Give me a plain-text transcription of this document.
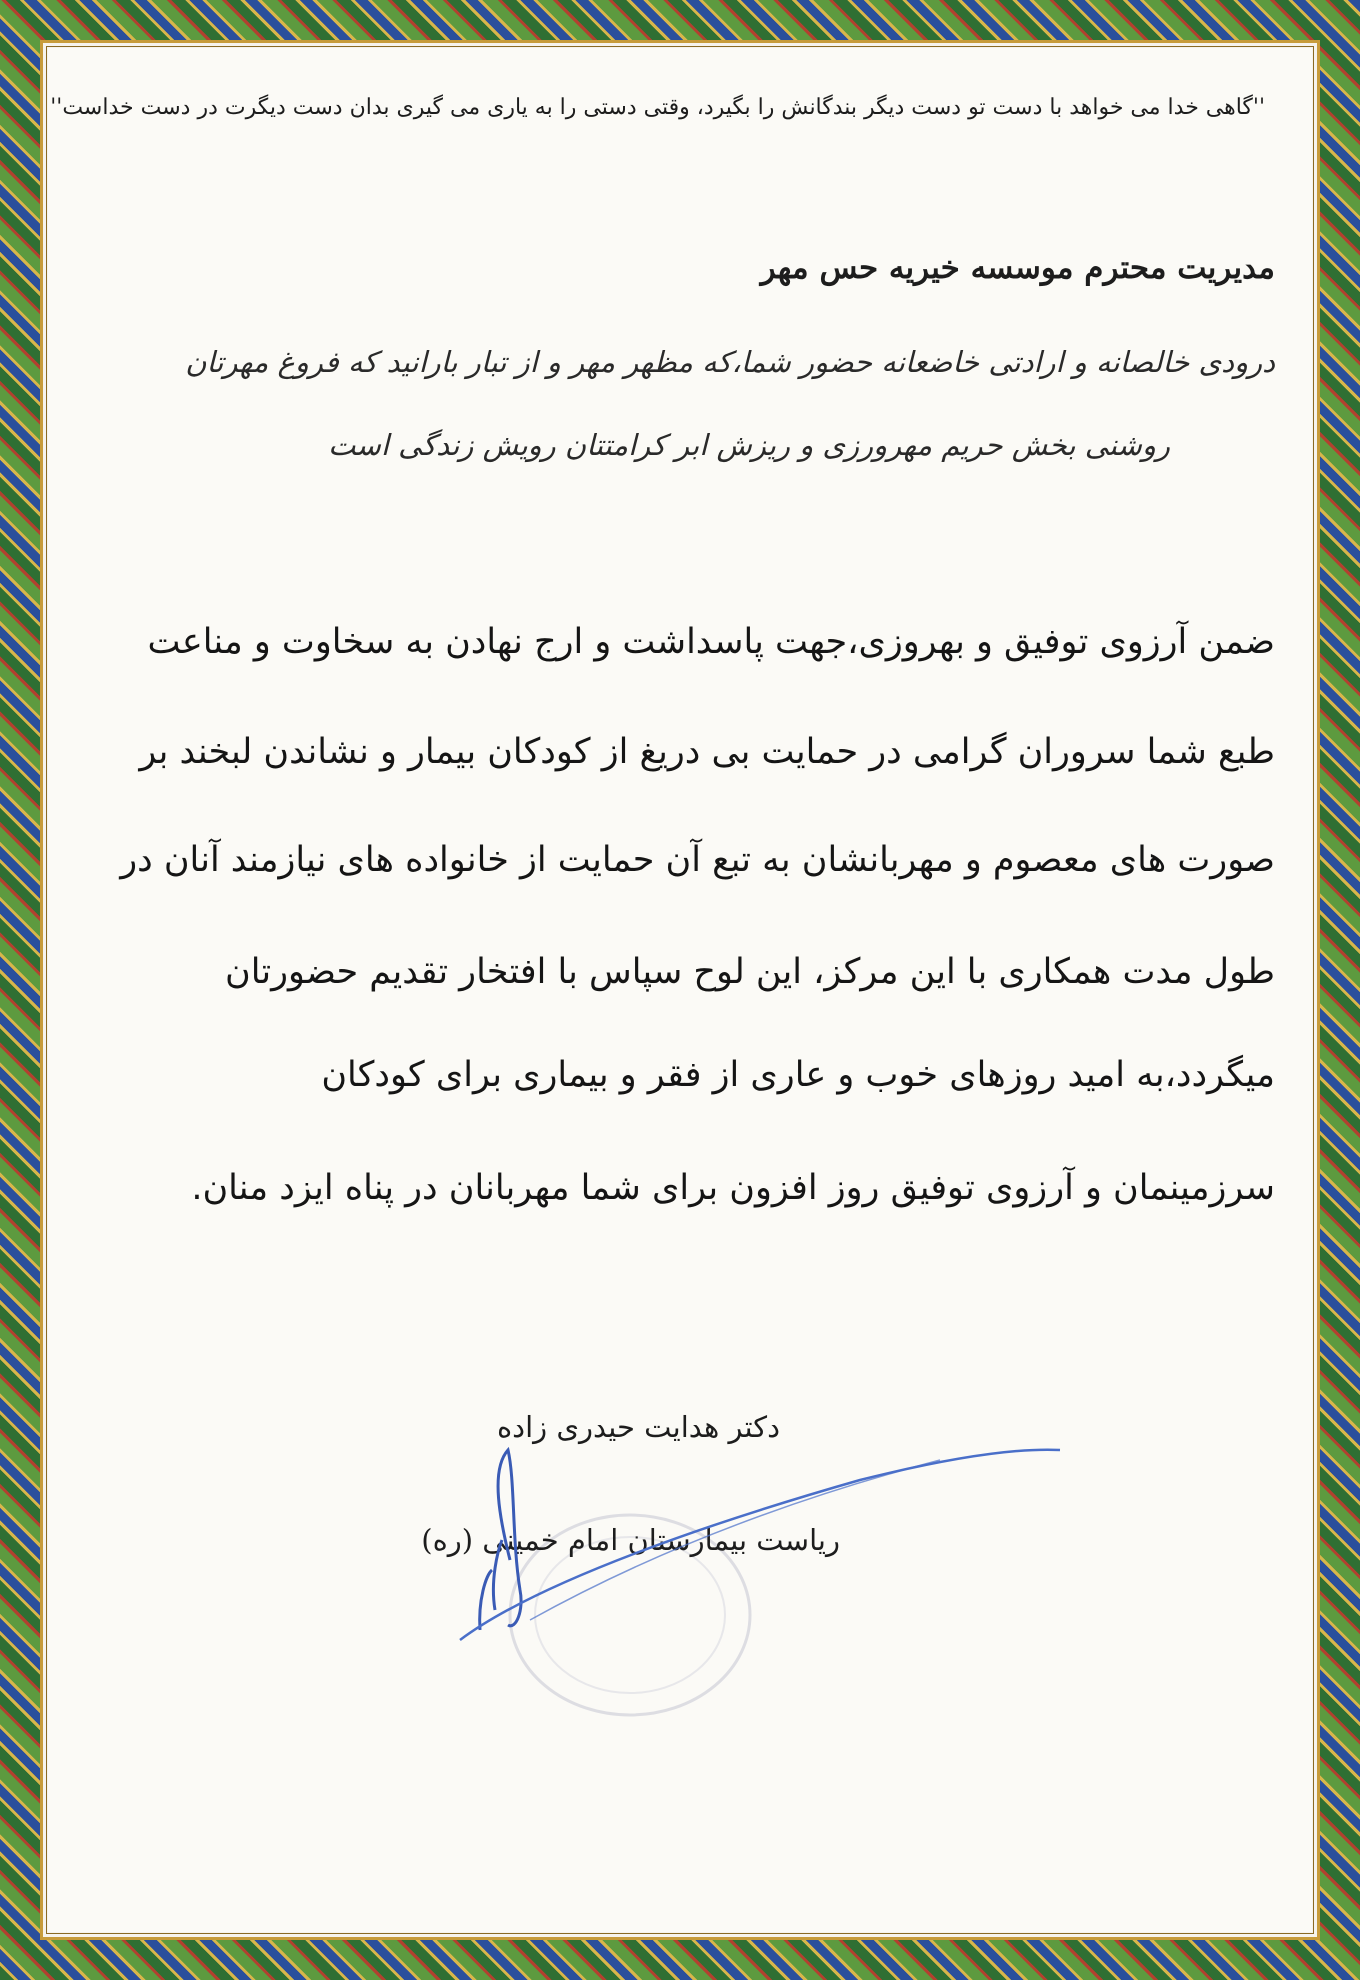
''گاهی خدا می خواهد با دست تو دست دیگر بندگانش را بگیرد، وقتی دستی را به یاری می گیری بدان دست دیگرت در دست خداست''
مدیریت محترم موسسه خیریه حس مهر
درودی خالصانه و ارادتی خاضعانه حضور شما،که مظهر مهر و از تبار بارانید که فروغ مهرتان
روشنی بخش حریم مهرورزی و ریزش ابر کرامتتان رویش زندگی است
ضمن آرزوی توفیق و بهروزی،جهت پاسداشت و ارج نهادن به سخاوت و مناعت
طبع شما سروران گرامی در حمایت بی دریغ از کودکان بیمار و نشاندن لبخند بر
صورت های معصوم و مهربانشان به تبع آن حمایت از خانواده های نیازمند آنان در
طول مدت همکاری با این مرکز، این لوح سپاس با افتخار تقدیم حضورتان
میگردد،به امید روزهای خوب و عاری از فقر و بیماری برای کودکان
سرزمینمان و آرزوی توفیق روز افزون برای شما مهربانان در پناه ایزد منان.
دکتر هدایت حیدری زاده
ریاست بیمارستان امام خمینی (ره)
